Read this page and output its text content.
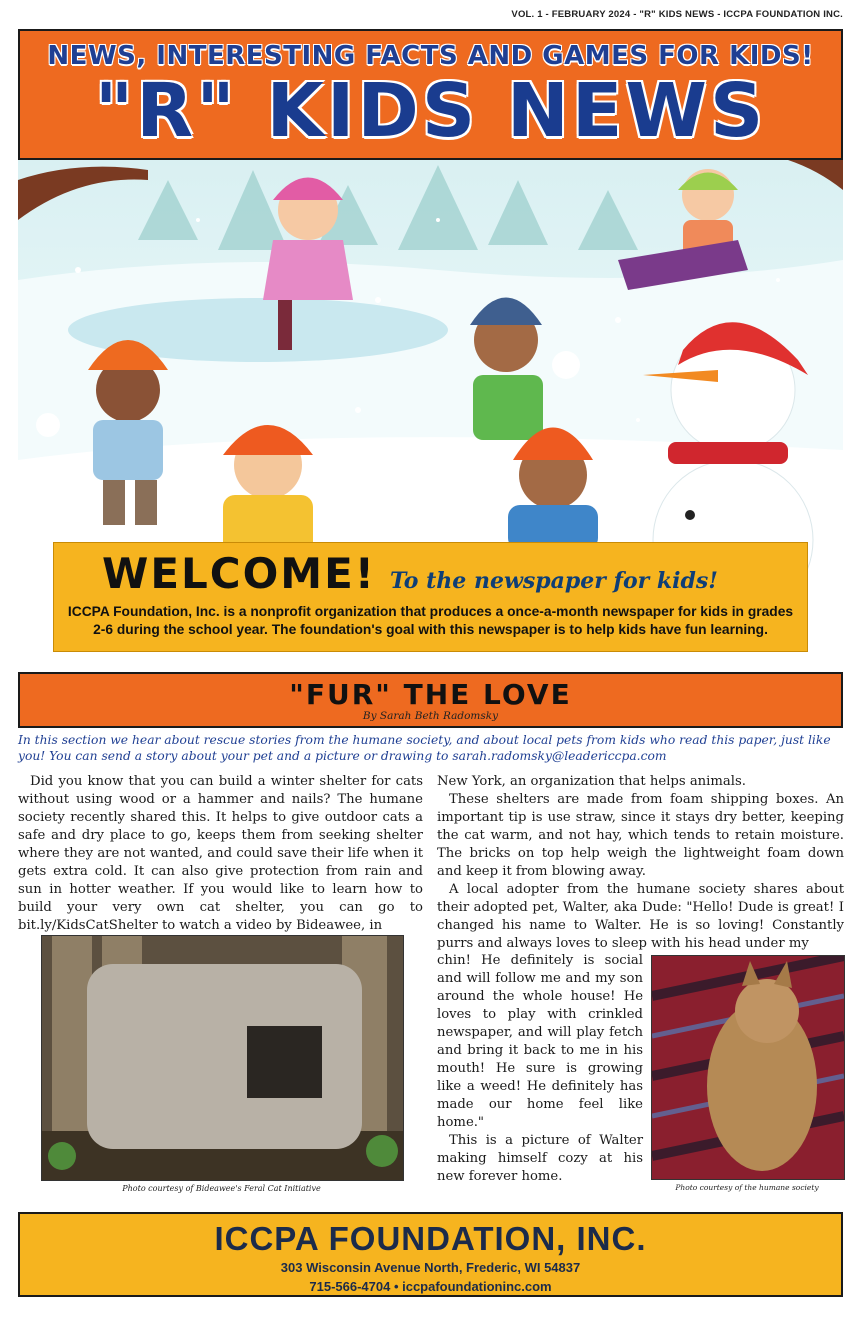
VOL. 1 - FEBRUARY 2024 - "R" KIDS NEWS - ICCPA FOUNDATION INC.
NEWS, INTERESTING FACTS AND GAMES FOR KIDS!
"R" KIDS NEWS
WELCOME! To the newspaper for kids!
ICCPA Foundation, Inc. is a nonprofit organization that produces a once-a-month newspaper for kids in grades 2-6 during the school year. The foundation's goal with this newspaper is to help kids have fun learning.
"FUR" THE LOVE
By Sarah Beth Radomsky
In this section we hear about rescue stories from the humane society, and about local pets from kids who read this paper, just like you! You can send a story about your pet and a picture or drawing to sarah.radomsky@leadericcpa.com

Did you know that you can build a winter shelter for cats without using wood or a hammer and nails? The humane society recently shared this. It helps to give outdoor cats a safe and dry place to go, keeps them from seeking shelter where they are not wanted, and could save their life when it gets extra cold. It can also give protection from rain and sun in hotter weather. If you would like to learn how to build your very own cat shelter, you can go to bit.ly/KidsCatShelter to watch a video by Bideawee, in

New York, an organization that helps animals.

These shelters are made from foam shipping boxes. An important tip is use straw, since it stays dry better, keeping the cat warm, and not hay, which tends to retain moisture. The bricks on top help weigh the lightweight foam down and keep it from blowing away.

A local adopter from the humane society shares about their adopted pet, Walter, aka Dude: "Hello! Dude is great! I changed his name to Walter. He is so loving! Constantly purrs and always loves to sleep with his head under my

chin! He definitely is social and will follow me and my son around the whole house! He loves to play with crinkled newspaper, and will play fetch and bring it back to me in his mouth! He sure is growing like a weed! He definitely has made our home feel like home."

This is a picture of Walter making himself cozy at his new forever home.

Photo courtesy of Bideawee's Feral Cat Initiative	Photo courtesy of the humane society
ICCPA FOUNDATION, INC.
303 Wisconsin Avenue North, Frederic, WI 54837
715-566-4704 • iccpafoundationinc.com
